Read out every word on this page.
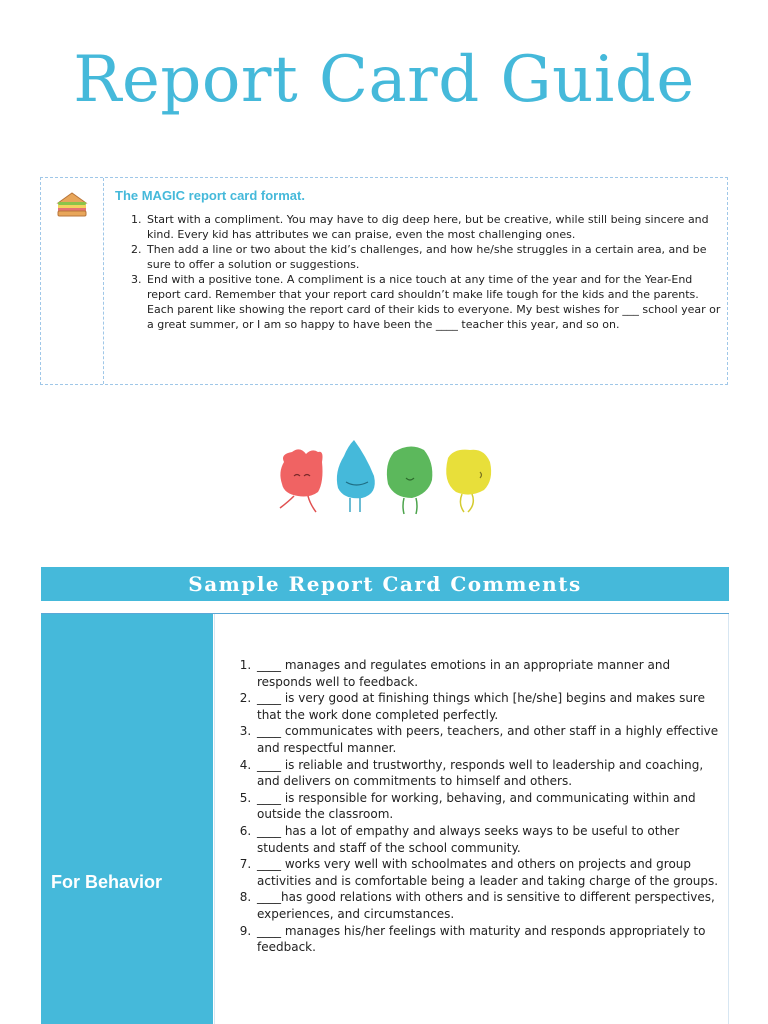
Report Card Guide
The MAGIC report card format.
1. Start with a compliment. You may have to dig deep here, but be creative, while still being sincere and kind. Every kid has attributes we can praise, even the most challenging ones.
2. Then add a line or two about the kid’s challenges, and how he/she struggles in a certain area, and be sure to offer a solution or suggestions.
3. End with a positive tone. A compliment is a nice touch at any time of the year and for the Year-End report card. Remember that your report card shouldn’t make life tough for the kids and the parents. Each parent like showing the report card of their kids to everyone. My best wishes for ___ school year or a great summer, or I am so happy to have been the ____ teacher this year, and so on.
Sample Report Card Comments
For Behavior
1. ____ manages and regulates emotions in an appropriate manner and responds well to feedback.
2. ____ is very good at finishing things which [he/she] begins and makes sure that the work done completed perfectly.
3. ____ communicates with peers, teachers, and other staff in a highly effective and respectful manner.
4. ____ is reliable and trustworthy, responds well to leadership and coaching, and delivers on commitments to himself and others.
5. ____ is responsible for working, behaving, and communicating within and outside the classroom.
6. ____ has a lot of empathy and always seeks ways to be useful to other students and staff of the school community.
7. ____ works very well with schoolmates and others on projects and group activities and is comfortable being a leader and taking charge of the groups.
8. ____has good relations with others and is sensitive to different perspectives, experiences, and circumstances.
9. ____ manages his/her feelings with maturity and responds appropriately to feedback.
